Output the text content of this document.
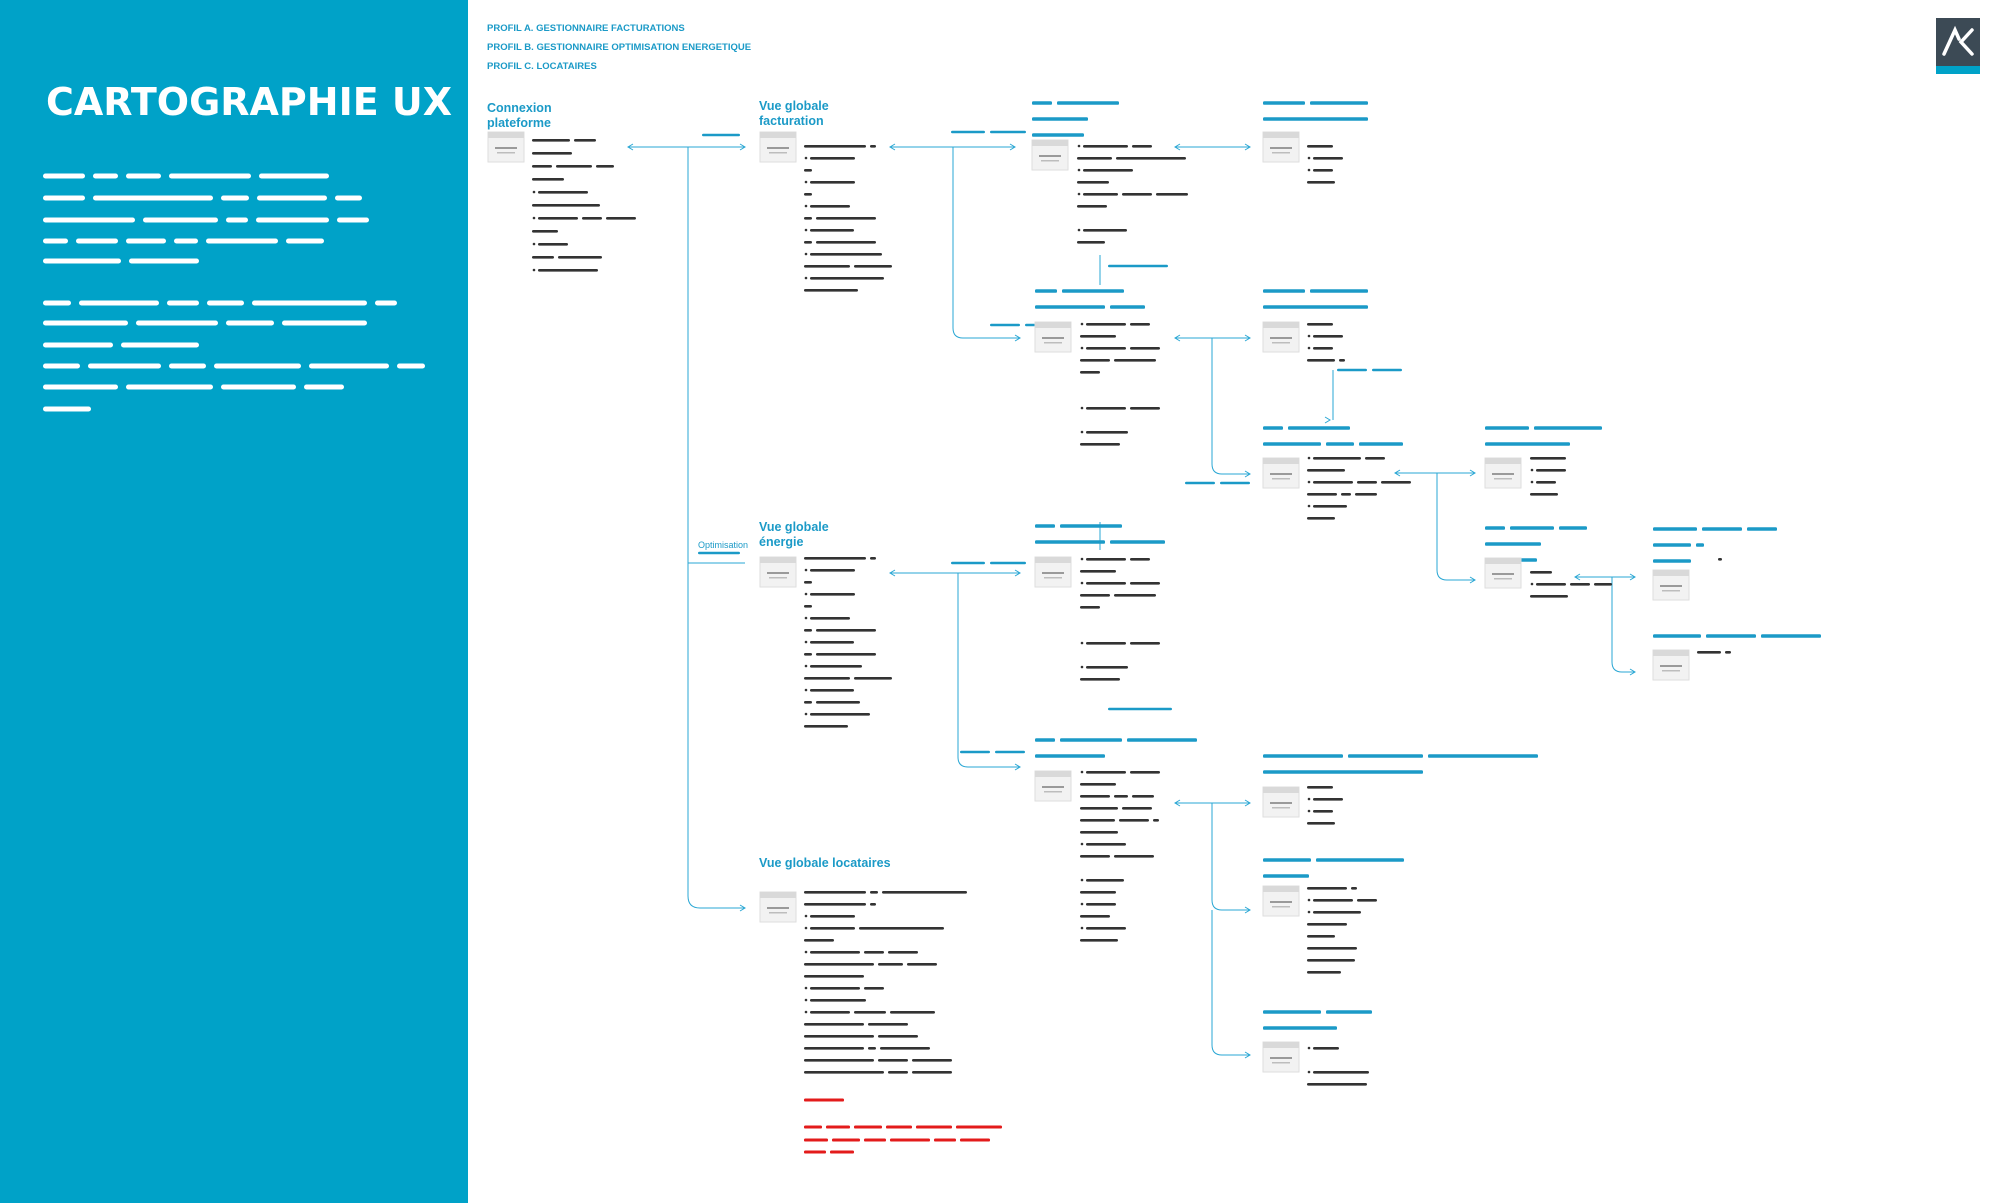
CARTOGRAPHIE UX
PROFIL A. GESTIONNAIRE FACTURATIONS
PROFIL B. GESTIONNAIRE OPTIMISATION ENERGETIQUE
PROFIL C. LOCATAIRES
Connexion
plateforme
Vue globale
facturation
Vue globale
énergie
Vue globale locataires
Optimisation
